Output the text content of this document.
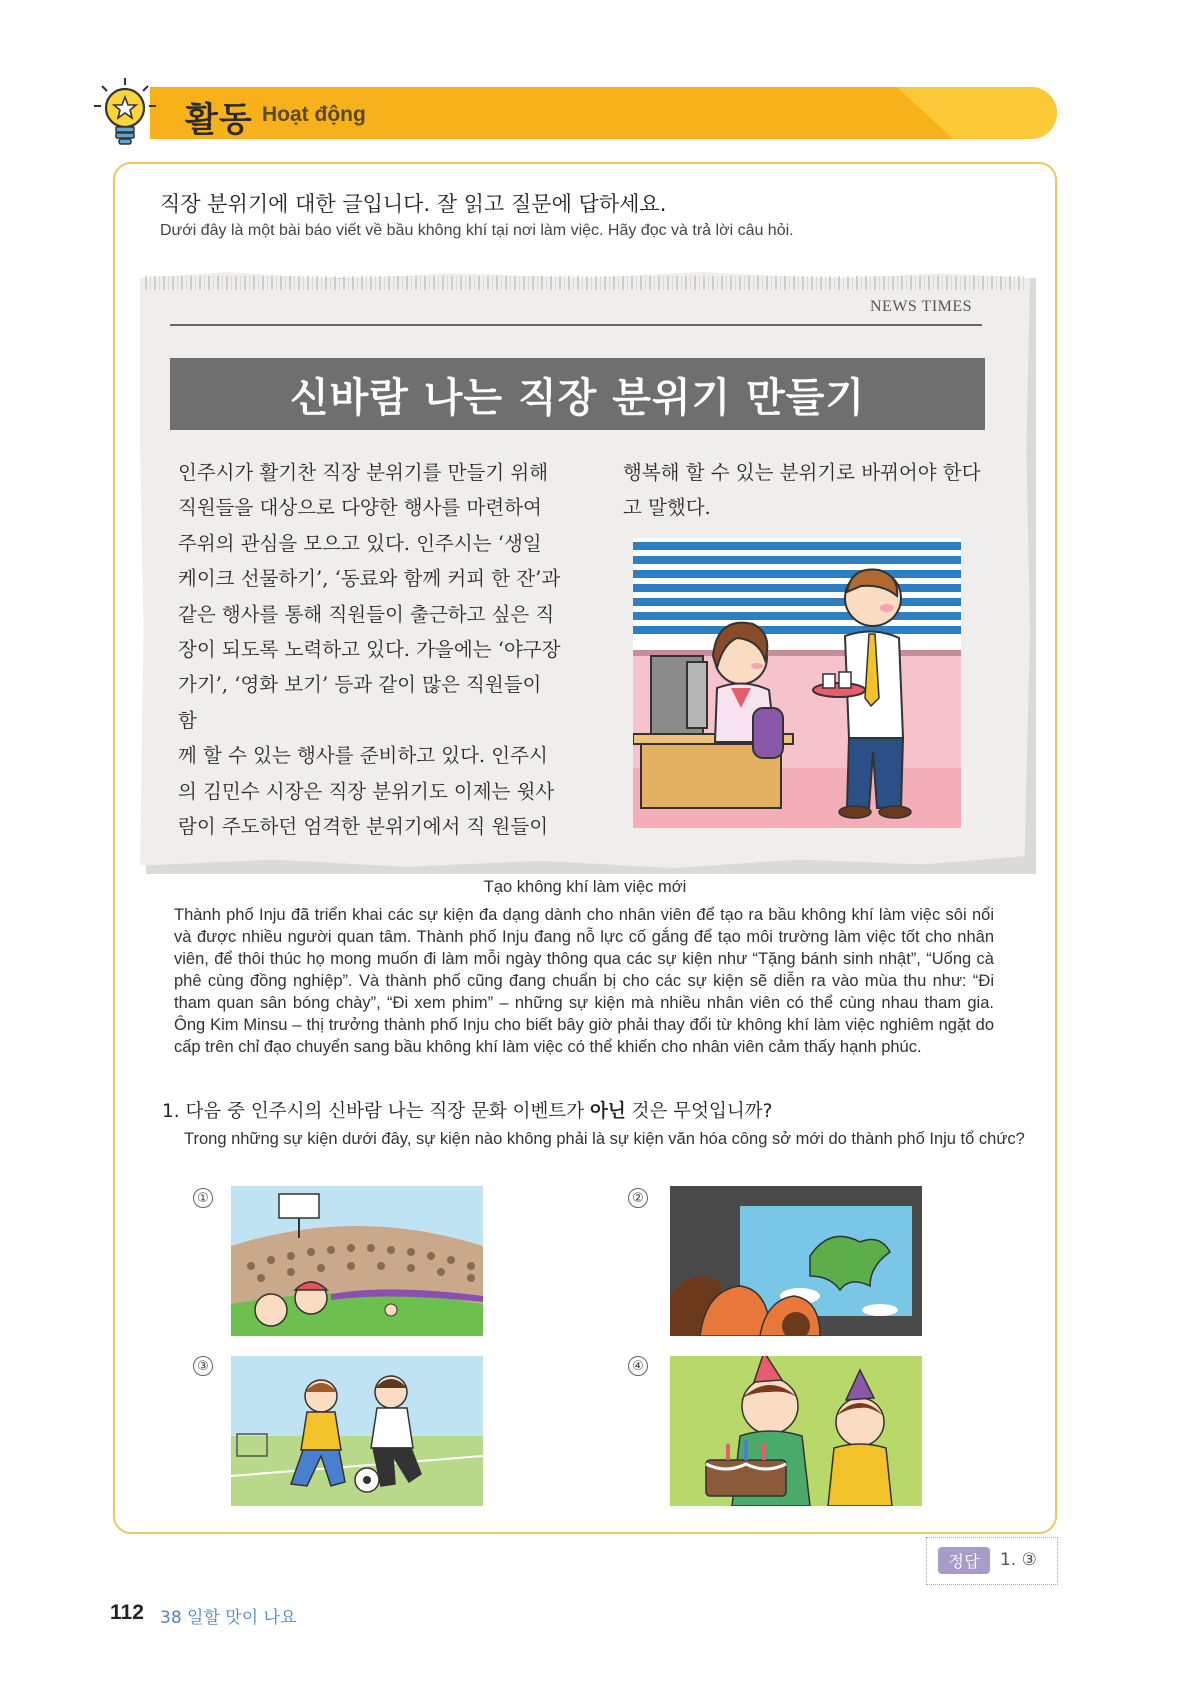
활동 Hoạt động
직장 분위기에 대한 글입니다. 잘 읽고 질문에 답하세요.
Dưới đây là một bài báo viết về bầu không khí tại nơi làm việc. Hãy đọc và trả lời câu hỏi.
NEWS TIMES
신바람 나는 직장 분위기 만들기
인주시가 활기찬 직장 분위기를 만들기 위해
직원들을 대상으로 다양한 행사를 마련하여
주위의 관심을 모으고 있다. 인주시는 ‘생일
케이크 선물하기’, ‘동료와 함께 커피 한 잔’과
같은 행사를 통해 직원들이 출근하고 싶은 직
장이 되도록 노력하고 있다. 가을에는 ‘야구장
가기’, ‘영화 보기’ 등과 같이 많은 직원들이 함
께 할 수 있는 행사를 준비하고 있다. 인주시
의 김민수 시장은 직장 분위기도 이제는 윗사
람이 주도하던 엄격한 분위기에서 직 원들이
행복해 할 수 있는 분위기로 바뀌어야 한다
고 말했다.
Tạo không khí làm việc mới
Thành phố Inju đã triển khai các sự kiện đa dạng dành cho nhân viên để tạo ra bầu không khí làm việc sôi nổi và được nhiều người quan tâm. Thành phố Inju đang nỗ lực cố gắng để tạo môi trường làm việc tốt cho nhân viên, để thôi thúc họ mong muốn đi làm mỗi ngày thông qua các sự kiện như “Tặng bánh sinh nhật”, “Uống cà phê cùng đồng nghiệp”. Và thành phố cũng đang chuẩn bị cho các sự kiện sẽ diễn ra vào mùa thu như: “Đi tham quan sân bóng chày”, “Đi xem phim” – những sự kiện mà nhiều nhân viên có thể cùng nhau tham gia. Ông Kim Minsu – thị trưởng thành phố Inju cho biết bây giờ phải thay đổi từ không khí làm việc nghiêm ngặt do cấp trên chỉ đạo chuyển sang bầu không khí làm việc có thể khiến cho nhân viên cảm thấy hạnh phúc.
1. 다음 중 인주시의 신바람 나는 직장 문화 이벤트가 아닌 것은 무엇입니까?
Trong những sự kiện dưới đây, sự kiện nào không phải là sự kiện văn hóa công sở mới do thành phố Inju tổ chức?
①	②
③	④
정답	1. ③
112 38 일할 맛이 나요
